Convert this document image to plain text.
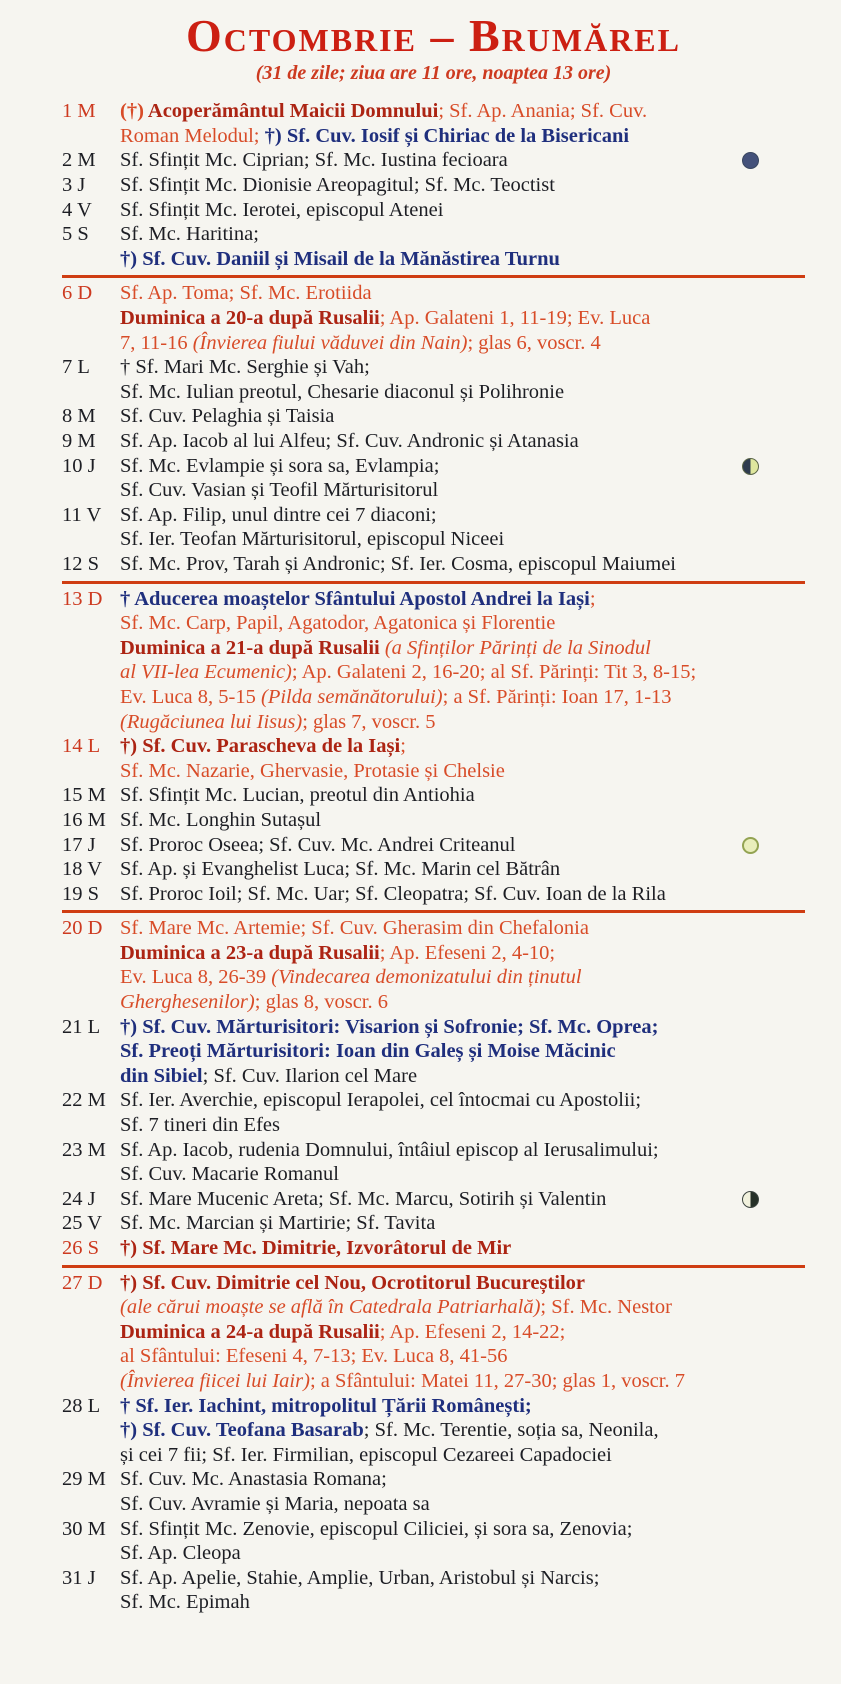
Octombrie – Brumărel
(31 de zile; ziua are 11 ore, noaptea 13 ore)
1 M	(†) Acoperământul Maicii Domnului; Sf. Ap. Anania; Sf. Cuv.
Roman Melodul; †) Sf. Cuv. Iosif și Chiriac de la Bisericani
2 M	Sf. Sfințit Mc. Ciprian; Sf. Mc. Iustina fecioara
3 J	Sf. Sfințit Mc. Dionisie Areopagitul; Sf. Mc. Teoctist
4 V	Sf. Sfințit Mc. Ierotei, episcopul Atenei
5 S	Sf. Mc. Haritina;
†) Sf. Cuv. Daniil și Misail de la Mănăstirea Turnu
6 D	Sf. Ap. Toma; Sf. Mc. Erotiida
Duminica a 20-a după Rusalii; Ap. Galateni 1, 11-19; Ev. Luca
7, 11-16 (Învierea fiului văduvei din Nain); glas 6, voscr. 4
7 L	† Sf. Mari Mc. Serghie și Vah;
Sf. Mc. Iulian preotul, Chesarie diaconul și Polihronie
8 M	Sf. Cuv. Pelaghia și Taisia
9 M	Sf. Ap. Iacob al lui Alfeu; Sf. Cuv. Andronic și Atanasia
10 J	Sf. Mc. Evlampie și sora sa, Evlampia;
Sf. Cuv. Vasian și Teofil Mărturisitorul
11 V Sf. Ap. Filip, unul dintre cei 7 diaconi;
Sf. Ier. Teofan Mărturisitorul, episcopul Niceei
12 S	Sf. Mc. Prov, Tarah și Andronic; Sf. Ier. Cosma, episcopul Maiumei
13 D † Aducerea moaștelor Sfântului Apostol Andrei la Iași;
Sf. Mc. Carp, Papil, Agatodor, Agatonica și Florentie
Duminica a 21-a după Rusalii (a Sfinților Părinți de la Sinodul
al VII-lea Ecumenic); Ap. Galateni 2, 16-20; al Sf. Părinți: Tit 3, 8-15;
Ev. Luca 8, 5-15 (Pilda semănătorului); a Sf. Părinți: Ioan 17, 1-13
(Rugăciunea lui Iisus); glas 7, voscr. 5
14 L †) Sf. Cuv. Parascheva de la Iași;
Sf. Mc. Nazarie, Ghervasie, Protasie și Chelsie
15 M Sf. Sfințit Mc. Lucian, preotul din Antiohia
16 M Sf. Mc. Longhin Sutașul
17 J	Sf. Proroc Oseea; Sf. Cuv. Mc. Andrei Criteanul
18 V Sf. Ap. și Evanghelist Luca; Sf. Mc. Marin cel Bătrân
19 S	Sf. Proroc Ioil; Sf. Mc. Uar; Sf. Cleopatra; Sf. Cuv. Ioan de la Rila
20 D Sf. Mare Mc. Artemie; Sf. Cuv. Gherasim din Chefalonia
Duminica a 23-a după Rusalii; Ap. Efeseni 2, 4-10;
Ev. Luca 8, 26-39 (Vindecarea demonizatului din ținutul
Gherghesenilor); glas 8, voscr. 6
21 L †) Sf. Cuv. Mărturisitori: Visarion și Sofronie; Sf. Mc. Oprea;
Sf. Preoți Mărturisitori: Ioan din Galeș și Moise Măcinic
din Sibiel; Sf. Cuv. Ilarion cel Mare
22 M Sf. Ier. Averchie, episcopul Ierapolei, cel întocmai cu Apostolii;
Sf. 7 tineri din Efes
23 M Sf. Ap. Iacob, rudenia Domnului, întâiul episcop al Ierusalimului;
Sf. Cuv. Macarie Romanul
24 J	Sf. Mare Mucenic Areta; Sf. Mc. Marcu, Sotirih și Valentin
25 V Sf. Mc. Marcian și Martirie; Sf. Tavita
26 S	†) Sf. Mare Mc. Dimitrie, Izvorâtorul de Mir
27 D †) Sf. Cuv. Dimitrie cel Nou, Ocrotitorul Bucureștilor
(ale cărui moaște se află în Catedrala Patriarhală); Sf. Mc. Nestor
Duminica a 24-a după Rusalii; Ap. Efeseni 2, 14-22;
al Sfântului: Efeseni 4, 7-13; Ev. Luca 8, 41-56
(Învierea fiicei lui Iair); a Sfântului: Matei 11, 27-30; glas 1, voscr. 7
28 L † Sf. Ier. Iachint, mitropolitul Țării Românești;
†) Sf. Cuv. Teofana Basarab; Sf. Mc. Terentie, soția sa, Neonila,
și cei 7 fii; Sf. Ier. Firmilian, episcopul Cezareei Capadociei
29 M Sf. Cuv. Mc. Anastasia Romana;
Sf. Cuv. Avramie și Maria, nepoata sa
30 M Sf. Sfințit Mc. Zenovie, episcopul Ciliciei, și sora sa, Zenovia;
Sf. Ap. Cleopa
31 J	Sf. Ap. Apelie, Stahie, Amplie, Urban, Aristobul și Narcis;
Sf. Mc. Epimah
